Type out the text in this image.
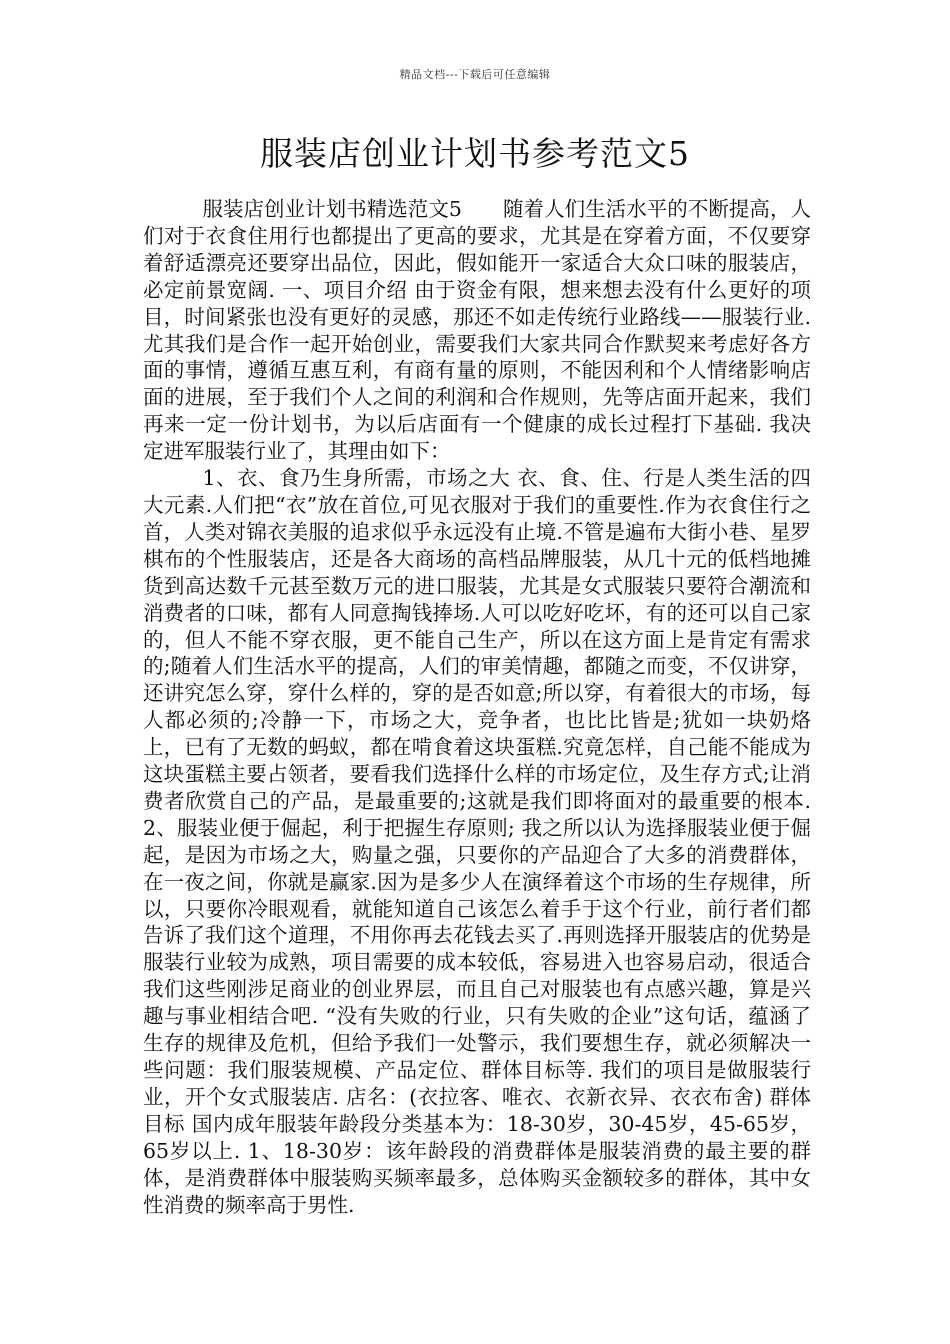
精品文档---下载后可任意编辑
服装店创业计划书参考范文5

服装店创业计划书精选范文5　　随着人们生活水平的不断提高，人们对于衣食住用行也都提出了更高的要求，尤其是在穿着方面，不仅要穿着舒适漂亮还要穿出品位，因此，假如能开一家适合大众口味的服装店，必定前景宽阔. 一、项目介绍 由于资金有限，想来想去没有什么更好的项目，时间紧张也没有更好的灵感，那还不如走传统行业路线——服装行业.尤其我们是合作一起开始创业，需要我们大家共同合作默契来考虑好各方面的事情，遵循互惠互利，有商有量的原则，不能因利和个人情绪影响店面的进展，至于我们个人之间的利润和合作规则，先等店面开起来，我们再来一定一份计划书，为以后店面有一个健康的成长过程打下基础. 我决定进军服装行业了，其理由如下：

1、衣、食乃生身所需，市场之大 衣、食、住、行是人类生活的四大元素.人们把“衣”放在首位,可见衣服对于我们的重要性.作为衣食住行之首，人类对锦衣美服的追求似乎永远没有止境.不管是遍布大街小巷、星罗棋布的个性服装店，还是各大商场的高档品牌服装，从几十元的低档地摊货到高达数千元甚至数万元的进口服装，尤其是女式服装只要符合潮流和消费者的口味，都有人同意掏钱捧场.人可以吃好吃坏，有的还可以自己家的，但人不能不穿衣服，更不能自己生产，所以在这方面上是肯定有需求的;随着人们生活水平的提高，人们的审美情趣，都随之而变，不仅讲穿，还讲究怎么穿，穿什么样的，穿的是否如意;所以穿，有着很大的市场，每人都必须的;冷静一下，市场之大，竞争者，也比比皆是;犹如一块奶烙上，已有了无数的蚂蚁，都在啃食着这块蛋糕.究竟怎样，自己能不能成为这块蛋糕主要占领者，要看我们选择什么样的市场定位，及生存方式;让消费者欣赏自己的产品，是最重要的;这就是我们即将面对的最重要的根本. 2、服装业便于倔起，利于把握生存原则; 我之所以认为选择服装业便于倔起，是因为市场之大，购量之强，只要你的产品迎合了大多的消费群体，在一夜之间，你就是赢家.因为是多少人在演绎着这个市场的生存规律，所以，只要你冷眼观看，就能知道自己该怎么着手于这个行业，前行者们都告诉了我们这个道理，不用你再去花钱去买了.再则选择开服装店的优势是服装行业较为成熟，项目需要的成本较低，容易进入也容易启动，很适合我们这些刚涉足商业的创业界层，而且自己对服装也有点感兴趣，算是兴趣与事业相结合吧. “没有失败的行业，只有失败的企业”这句话，蕴涵了生存的规律及危机，但给予我们一处警示，我们要想生存，就必须解决一些问题：我们服装规模、产品定位、群体目标等. 我们的项目是做服装行业，开个女式服装店. 店名：(衣拉客、唯衣、衣新衣异、衣衣布舍) 群体目标 国内成年服装年龄段分类基本为：18-30岁，30-45岁，45-65岁，65岁以上. 1、18-30岁：该年龄段的消费群体是服装消费的最主要的群体，是消费群体中服装购买频率最多，总体购买金额较多的群体，其中女性消费的频率高于男性.
